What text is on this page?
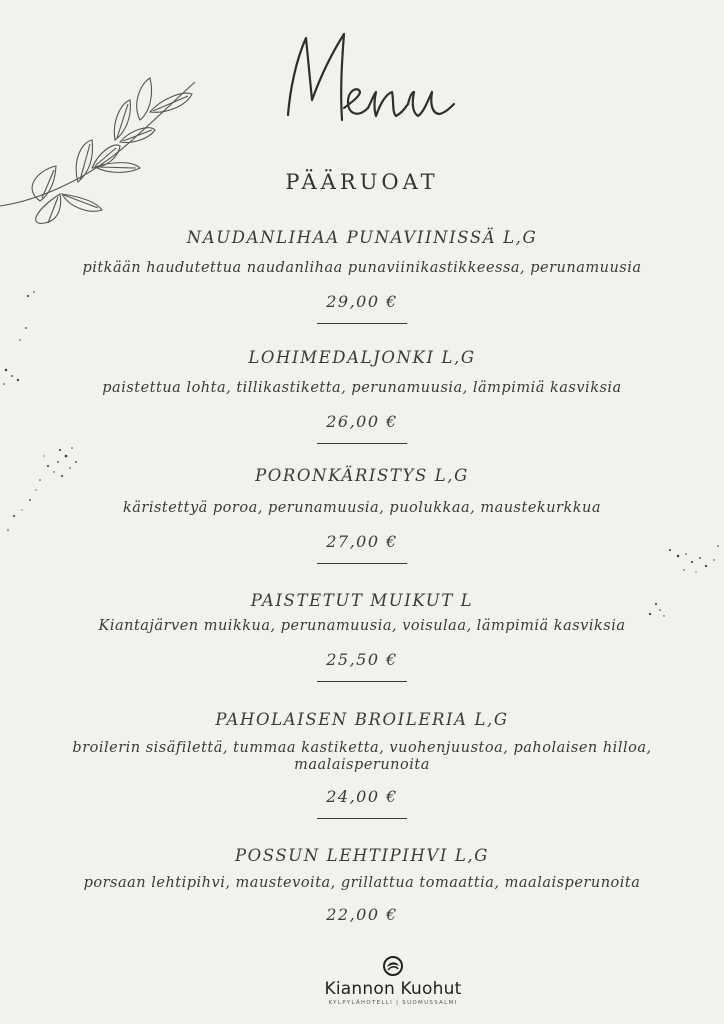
PÄÄRUOAT
NAUDANLIHAA PUNAVIINISSÄ L,G
pitkään haudutettua naudanlihaa punaviinikastikkeessa, perunamuusia
29,00 €
LOHIMEDALJONKI L,G
paistettua lohta, tillikastiketta, perunamuusia, lämpimiä kasviksia
26,00 €
PORONKÄRISTYS L,G
käristettyä poroa, perunamuusia, puolukkaa, maustekurkkua
27,00 €
PAISTETUT MUIKUT L
Kiantajärven muikkua, perunamuusia, voisulaa, lämpimiä kasviksia
25,50 €
PAHOLAISEN BROILERIA L,G
broilerin sisäfilettä, tummaa kastiketta, vuohenjuustoa, paholaisen hilloa, maalaisperunoita
24,00 €
POSSUN LEHTIPIHVI L,G
porsaan lehtipihvi, maustevoita, grillattua tomaattia, maalaisperunoita
22,00 €
Kiannon Kuohut
KYLPYLÄHOTELLI | SUOMUSSALMI
